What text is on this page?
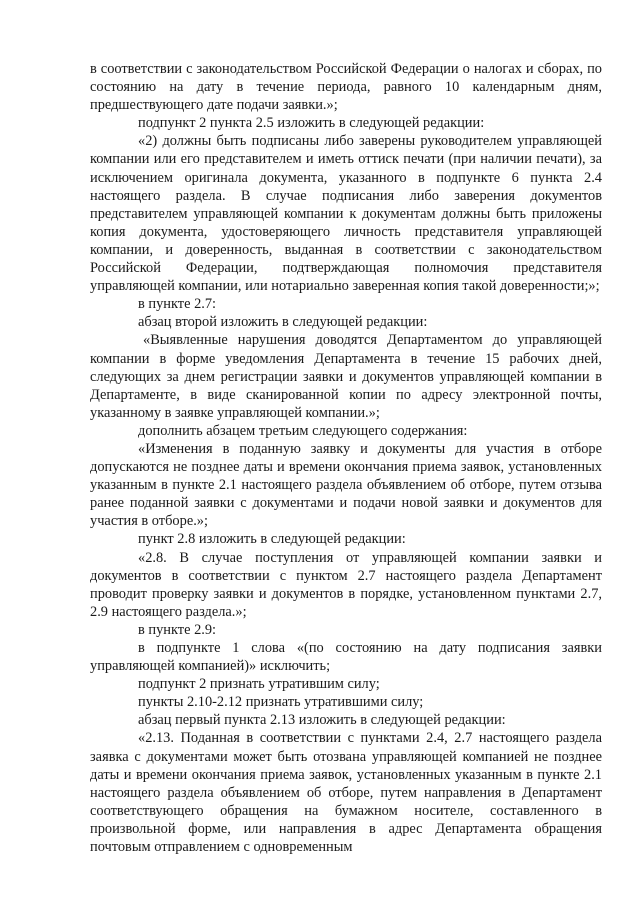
в соответствии с законодательством Российской Федерации о налогах и сборах, по состоянию на дату в течение периода, равного 10 календарным дням, предшествующего дате подачи заявки.»;

подпункт 2 пункта 2.5 изложить в следующей редакции:

«2) должны быть подписаны либо заверены руководителем управляющей компании или его представителем и иметь оттиск печати (при наличии печати), за исключением оригинала документа, указанного в подпункте 6 пункта 2.4 настоящего раздела. В случае подписания либо заверения документов представителем управляющей компании к документам должны быть приложены копия документа, удостоверяющего личность представителя управляющей компании, и доверенность, выданная в соответствии с законодательством Российской Федерации, подтверждающая полномочия представителя управляющей компании, или нотариально заверенная копия такой доверенности;»;

в пункте 2.7:

абзац второй изложить в следующей редакции:

«Выявленные нарушения доводятся Департаментом до управляющей компании в форме уведомления Департамента в течение 15 рабочих дней, следующих за днем регистрации заявки и документов управляющей компании в Департаменте, в виде сканированной копии по адресу электронной почты, указанному в заявке управляющей компании.»;

дополнить абзацем третьим следующего содержания:

«Изменения в поданную заявку и документы для участия в отборе допускаются не позднее даты и времени окончания приема заявок, установленных указанным в пункте 2.1 настоящего раздела объявлением об отборе, путем отзыва ранее поданной заявки с документами и подачи новой заявки и документов для участия в отборе.»;

пункт 2.8 изложить в следующей редакции:

«2.8. В случае поступления от управляющей компании заявки и документов в соответствии с пунктом 2.7 настоящего раздела Департамент проводит проверку заявки и документов в порядке, установленном пунктами 2.7, 2.9 настоящего раздела.»;

в пункте 2.9:

в подпункте 1 слова «(по состоянию на дату подписания заявки управляющей компанией)» исключить;

подпункт 2 признать утратившим силу;

пункты 2.10-2.12 признать утратившими силу;

абзац первый пункта 2.13 изложить в следующей редакции:

«2.13. Поданная в соответствии с пунктами 2.4, 2.7 настоящего раздела заявка с документами может быть отозвана управляющей компанией не позднее даты и времени окончания приема заявок, установленных указанным в пункте 2.1 настоящего раздела объявлением об отборе, путем направления в Департамент соответствующего обращения на бумажном носителе, составленного в произвольной форме, или направления в адрес Департамента обращения почтовым отправлением с одновременным
